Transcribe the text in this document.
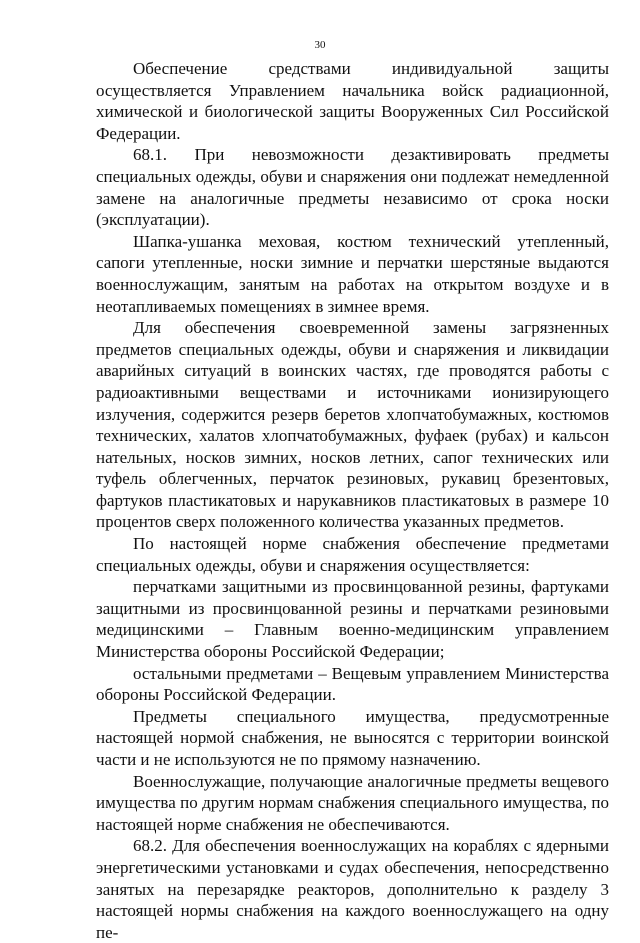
30

Обеспечение средствами индивидуальной защиты осуществляется Управлением начальника войск радиационной, химической и биологической защиты Вооруженных Сил Российской Федерации.

68.1. При невозможности дезактивировать предметы специальных одежды, обуви и снаряжения они подлежат немедленной замене на аналогичные предметы независимо от срока носки (эксплуатации).

Шапка-ушанка меховая, костюм технический утепленный, сапоги утепленные, носки зимние и перчатки шерстяные выдаются военнослужащим, занятым на работах на открытом воздухе и в неотапливаемых помещениях в зимнее время.

Для обеспечения своевременной замены загрязненных предметов специальных одежды, обуви и снаряжения и ликвидации аварийных ситуаций в воинских частях, где проводятся работы с радиоактивными веществами и источниками ионизирующего излучения, содержится резерв беретов хлопчатобумажных, костюмов технических, халатов хлопчатобумажных, фуфаек (рубах) и кальсон нательных, носков зимних, носков летних, сапог технических или туфель облегченных, перчаток резиновых, рукавиц брезентовых, фартуков пластикатовых и нарукавников пластикатовых в размере 10 процентов сверх положенного количества указанных предметов.

По настоящей норме снабжения обеспечение предметами специальных одежды, обуви и снаряжения осуществляется:

перчатками защитными из просвинцованной резины, фартуками защитными из просвинцованной резины и перчатками резиновыми медицинскими – Главным военно-медицинским управлением Министерства обороны Российской Федерации;

остальными предметами – Вещевым управлением Министерства обороны Российской Федерации.

Предметы специального имущества, предусмотренные настоящей нормой снабжения, не выносятся с территории воинской части и не используются не по прямому назначению.

Военнослужащие, получающие аналогичные предметы вещевого имущества по другим нормам снабжения специального имущества, по настоящей норме снабжения не обеспечиваются.

68.2. Для обеспечения военнослужащих на кораблях с ядерными энергетическими установками и судах обеспечения, непосредственно занятых на перезарядке реакторов, дополнительно к разделу 3 настоящей нормы снабжения на каждого военнослужащего на одну пе-
